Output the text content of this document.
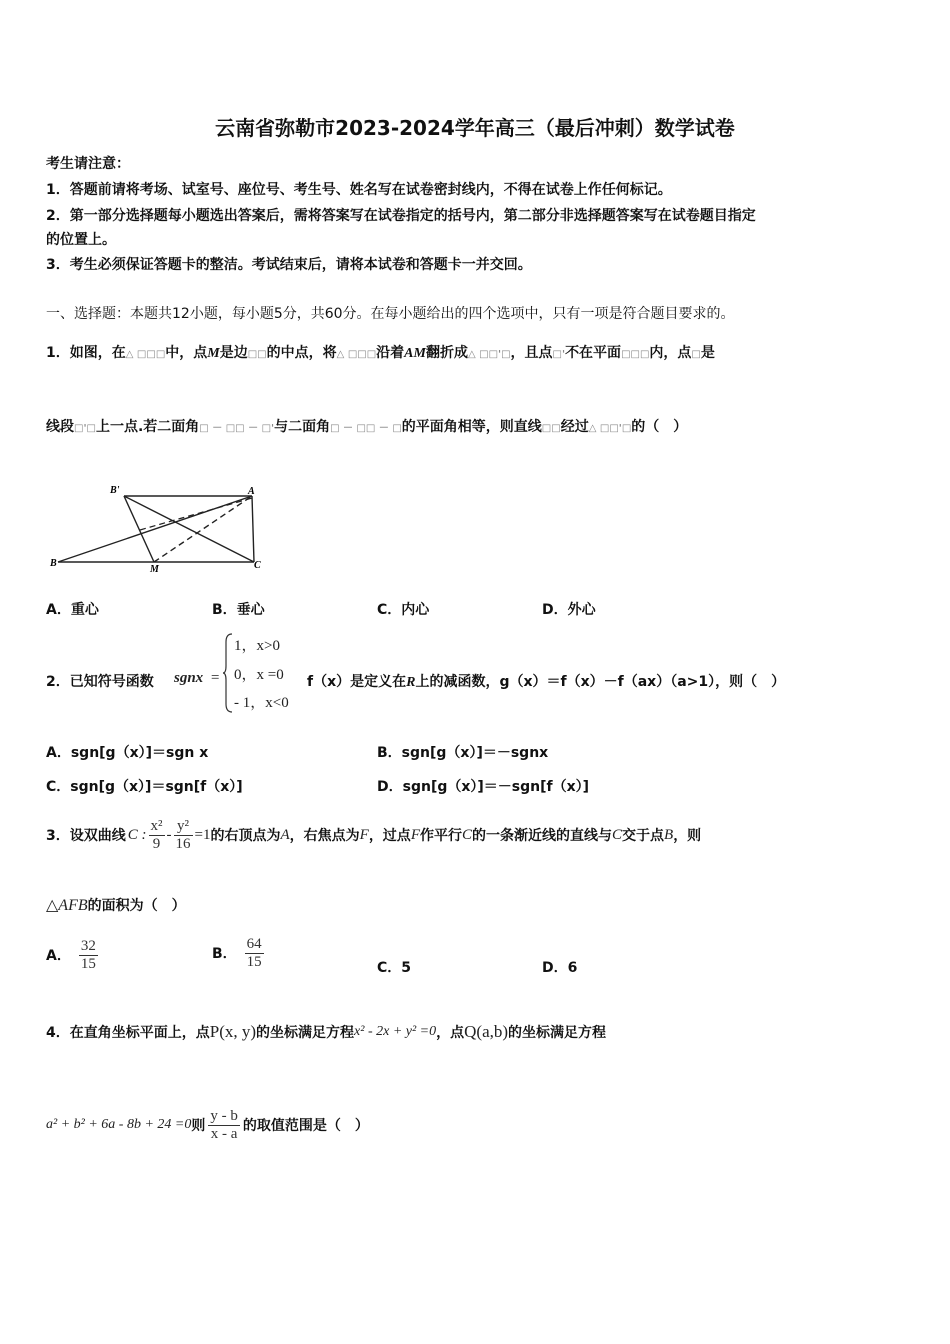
云南省弥勒市2023-2024学年高三（最后冲刺）数学试卷
考生请注意：
1．答题前请将考场、试室号、座位号、考生号、姓名写在试卷密封线内，不得在试卷上作任何标记。
2．第一部分选择题每小题选出答案后，需将答案写在试卷指定的括号内，第二部分非选择题答案写在试卷题目指定
的位置上。
3．考生必须保证答题卡的整洁。考试结束后，请将本试卷和答题卡一并交回。
一、选择题：本题共12小题，每小题5分，共60分。在每小题给出的四个选项中，只有一项是符合题目要求的。
1．如图，在△ □□□中，点M是边□□的中点，将△ □□□沿着AM翻折成△ □□'□，且点□'不在平面□□□内，点□是
线段□'□上一点.若二面角□ － □□ － □'与二面角□ － □□ － □的平面角相等，则直线□□经过△ □□'□的（　）
B'	A
B
M	C
A．重心	B．垂心	C．内心	D．外心
2．已知符号函数 sgnx =
1，x>0
0，x =0
- 1，x<0
f（x）是定义在R上的减函数，g（x）＝f（x）－f（ax）（a>1），则（　）
A．sgn[g（x）]＝sgn x	B．sgn[g（x）]＝－sgnx
C．sgn[g（x）]＝sgn[f（x）]	D．sgn[g（x）]＝－sgn[f（x）]
3．设双曲线 C : $\frac{\text{x²}}{9} - \frac{\text{y²}}{16} =1$ 的右顶点为 A ，右焦点为 F ，过点 F 作平行 C 的一条渐近线的直线与 C 交于点 B ，则
△AFB的面积为（　）
A． $\frac{32}{15}$	B． $\frac{64}{15}$	C．5	D．6
4．在直角坐标平面上，点 P(x, y) 的坐标满足方程 x² - 2x + y² =0 ，点 Q(a,b) 的坐标满足方程
a² + b² + 6a - 8b + 24 =0 则 $\frac{y - b}{x - a}$ 的取值范围是（　）
